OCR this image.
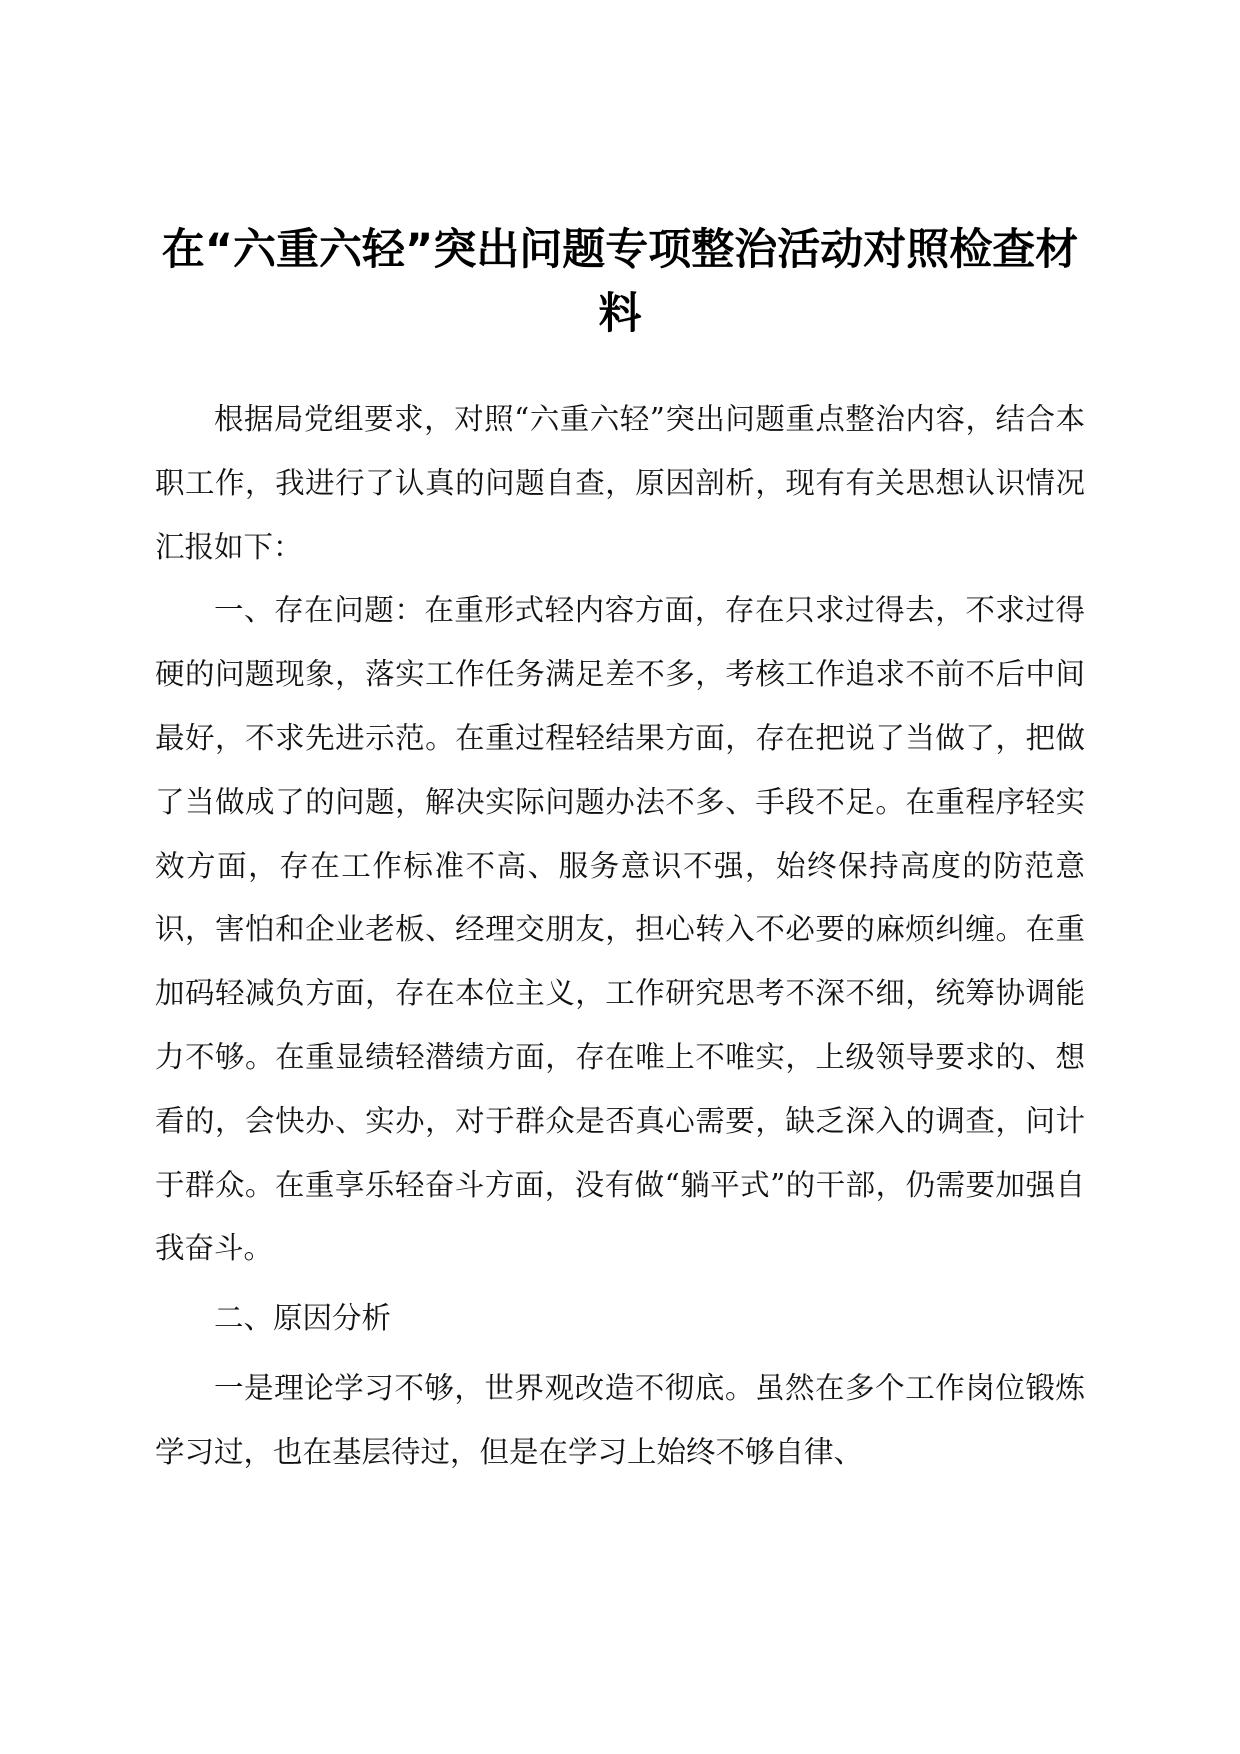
在“六重六轻”突出问题专项整治活动对照检查材料

根据局党组要求，对照“六重六轻”突出问题重点整治内容，结合本职工作，我进行了认真的问题自查，原因剖析，现有有关思想认识情况汇报如下：

一、存在问题：在重形式轻内容方面，存在只求过得去，不求过得硬的问题现象，落实工作任务满足差不多，考核工作追求不前不后中间最好，不求先进示范。在重过程轻结果方面，存在把说了当做了，把做了当做成了的问题，解决实际问题办法不多、手段不足。在重程序轻实效方面，存在工作标准不高、服务意识不强，始终保持高度的防范意识，害怕和企业老板、经理交朋友，担心转入不必要的麻烦纠缠。在重加码轻减负方面，存在本位主义，工作研究思考不深不细，统筹协调能力不够。在重显绩轻潜绩方面，存在唯上不唯实，上级领导要求的、想看的，会快办、实办，对于群众是否真心需要，缺乏深入的调查，问计于群众。在重享乐轻奋斗方面，没有做“躺平式”的干部，仍需要加强自我奋斗。

二、原因分析

一是理论学习不够，世界观改造不彻底。虽然在多个工作岗位锻炼学习过，也在基层待过，但是在学习上始终不够自律、
